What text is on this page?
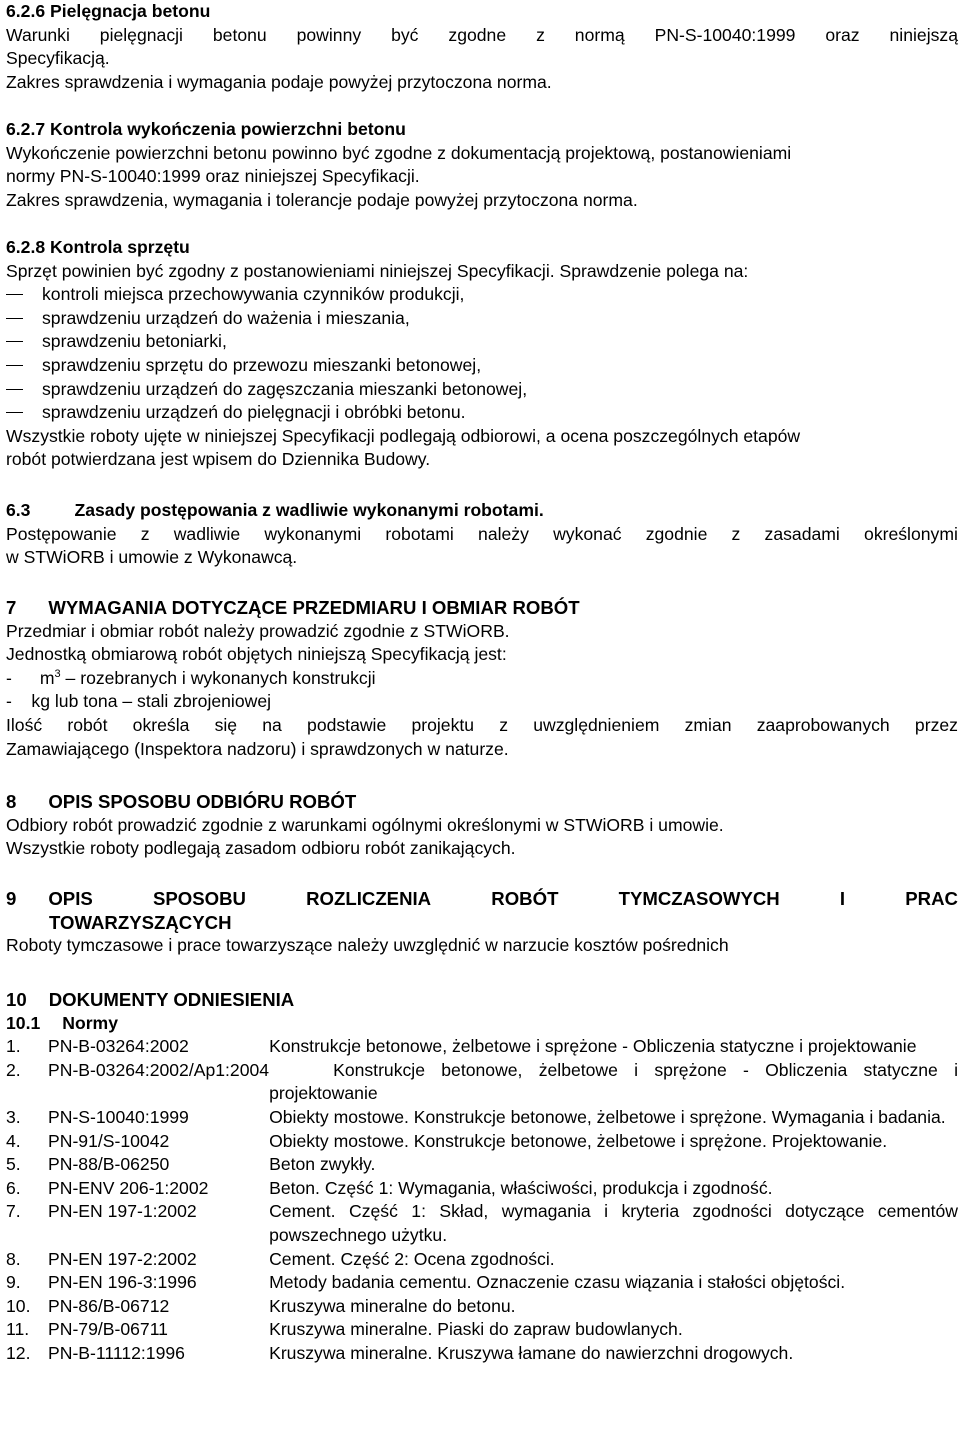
6.2.6 Pielęgnacja betonu
Warunki pielęgnacji betonu powinny być zgodne z normą PN-S-10040:1999 oraz niniejszą
Specyfikacją.
Zakres sprawdzenia i wymagania podaje powyżej przytoczona norma.
6.2.7 Kontrola wykończenia powierzchni betonu
Wykończenie powierzchni betonu powinno być zgodne z dokumentacją projektową, postanowieniami
normy PN-S-10040:1999 oraz niniejszej Specyfikacji.
Zakres sprawdzenia, wymagania i tolerancje podaje powyżej przytoczona norma.
6.2.8 Kontrola sprzętu
Sprzęt powinien być zgodny z postanowieniami niniejszej Specyfikacji. Sprawdzenie polega na:
kontroli miejsca przechowywania czynników produkcji,
sprawdzeniu urządzeń do ważenia i mieszania,
sprawdzeniu betoniarki,
sprawdzeniu sprzętu do przewozu mieszanki betonowej,
sprawdzeniu urządzeń do zagęszczania mieszanki betonowej,
sprawdzeniu urządzeń do pielęgnacji i obróbki betonu.
Wszystkie roboty ujęte w niniejszej Specyfikacji podlegają odbiorowi, a ocena poszczególnych etapów
robót potwierdzana jest wpisem do Dziennika Budowy.
6.3	Zasady postępowania z wadliwie wykonanymi robotami.
Postępowanie z wadliwie wykonanymi robotami należy wykonać zgodnie z zasadami określonymi
w STWiORB i umowie z Wykonawcą.
7 WYMAGANIA DOTYCZĄCE PRZEDMIARU I OBMIAR ROBÓT
Przedmiar i obmiar robót należy prowadzić zgodnie z STWiORB.
Jednostką obmiarową robót objętych niniejszą Specyfikacją jest:
- $m^3$ – rozebranych i wykonanych konstrukcji
-    kg lub tona – stali zbrojeniowej
Ilość robót określa się na podstawie projektu z uwzględnieniem zmian zaaprobowanych przez
Zamawiającego (Inspektora nadzoru) i sprawdzonych w naturze.
8 OPIS SPOSOBU ODBIÓRU ROBÓT
Odbiory robót prowadzić zgodnie z warunkami ogólnymi określonymi w STWiORB i umowie.
Wszystkie roboty podlegają zasadom odbioru robót zanikających.
9 OPIS	SPOSOBU	ROZLICZENIA	ROBÓT	TYMCZASOWYCH	I	PRAC
TOWARZYSZĄCYCH
Roboty tymczasowe i prace towarzyszące należy uwzględnić w narzucie kosztów pośrednich
10 DOKUMENTY ODNIESIENIA
10.1 Normy
1.	PN-B-03264:2002	Konstrukcje betonowe, żelbetowe i sprężone - Obliczenia statyczne i projektowanie
2.	PN-B-03264:2002/Ap1:2004	Konstrukcje betonowe, żelbetowe i sprężone - Obliczenia statyczne i projektowanie
3.	PN-S-10040:1999	Obiekty mostowe. Konstrukcje betonowe, żelbetowe i sprężone. Wymagania i badania.
4.	PN-91/S-10042	Obiekty mostowe. Konstrukcje betonowe, żelbetowe i sprężone. Projektowanie.
5.	PN-88/B-06250	Beton zwykły.
6.	PN-ENV 206-1:2002	Beton. Część 1: Wymagania, właściwości, produkcja i zgodność.
7.	PN-EN 197-1:2002	Cement. Część 1: Skład, wymagania i kryteria zgodności dotyczące cementów powszechnego użytku.
8.	PN-EN 197-2:2002	Cement. Część 2: Ocena zgodności.
9.	PN-EN 196-3:1996	Metody badania cementu. Oznaczenie czasu wiązania i stałości objętości.
10.	PN-86/B-06712	Kruszywa mineralne do betonu.
11.	PN-79/B-06711	Kruszywa mineralne. Piaski do zapraw budowlanych.
12.	PN-B-11112:1996	Kruszywa mineralne. Kruszywa łamane do nawierzchni drogowych.
